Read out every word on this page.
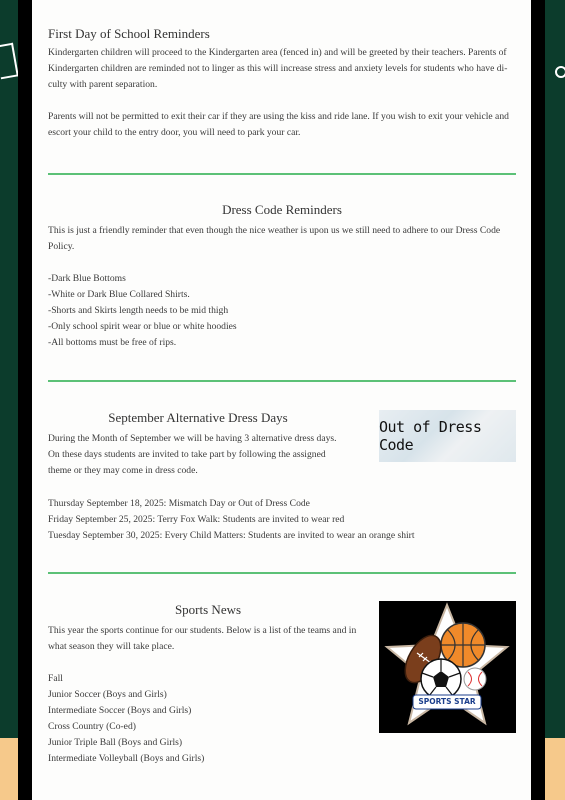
First Day of School Reminders

Kindergarten children will proceed to the Kindergarten area (fenced in) and will be greeted by their teachers. Parents of Kindergarten children are reminded not to linger as this will increase stress and anxiety levels for students who have di- culty with parent separation.

Parents will not be permitted to exit their car if they are using the kiss and ride lane. If you wish to exit your vehicle and escort your child to the entry door, you will need to park your car.

Dress Code Reminders

This is just a friendly reminder that even though the nice weather is upon us we still need to adhere to our Dress Code Policy.

-Dark Blue Bottoms
-White or Dark Blue Collared Shirts.
-Shorts and Skirts length needs to be mid thigh
-Only school spirit wear or blue or white hoodies
-All bottoms must be free of rips.
September Alternative Dress Days

During the Month of September we will be having 3 alternative dress days. On these days students are invited to take part by following the assigned theme or they may come in dress code.

Out of Dress Code
Thursday September 18, 2025: Mismatch Day or Out of Dress Code
Friday September 25, 2025: Terry Fox Walk: Students are invited to wear red
Tuesday September 30, 2025: Every Child Matters: Students are invited to wear an orange shirt
Sports News

This year the sports continue for our students. Below is a list of the teams and in what season they will take place.

Fall
Junior Soccer (Boys and Girls)
Intermediate Soccer (Boys and Girls)
Cross Country (Co-ed)
Junior Triple Ball (Boys and Girls)
Intermediate Volleyball (Boys and Girls)
SPORTS STAR
